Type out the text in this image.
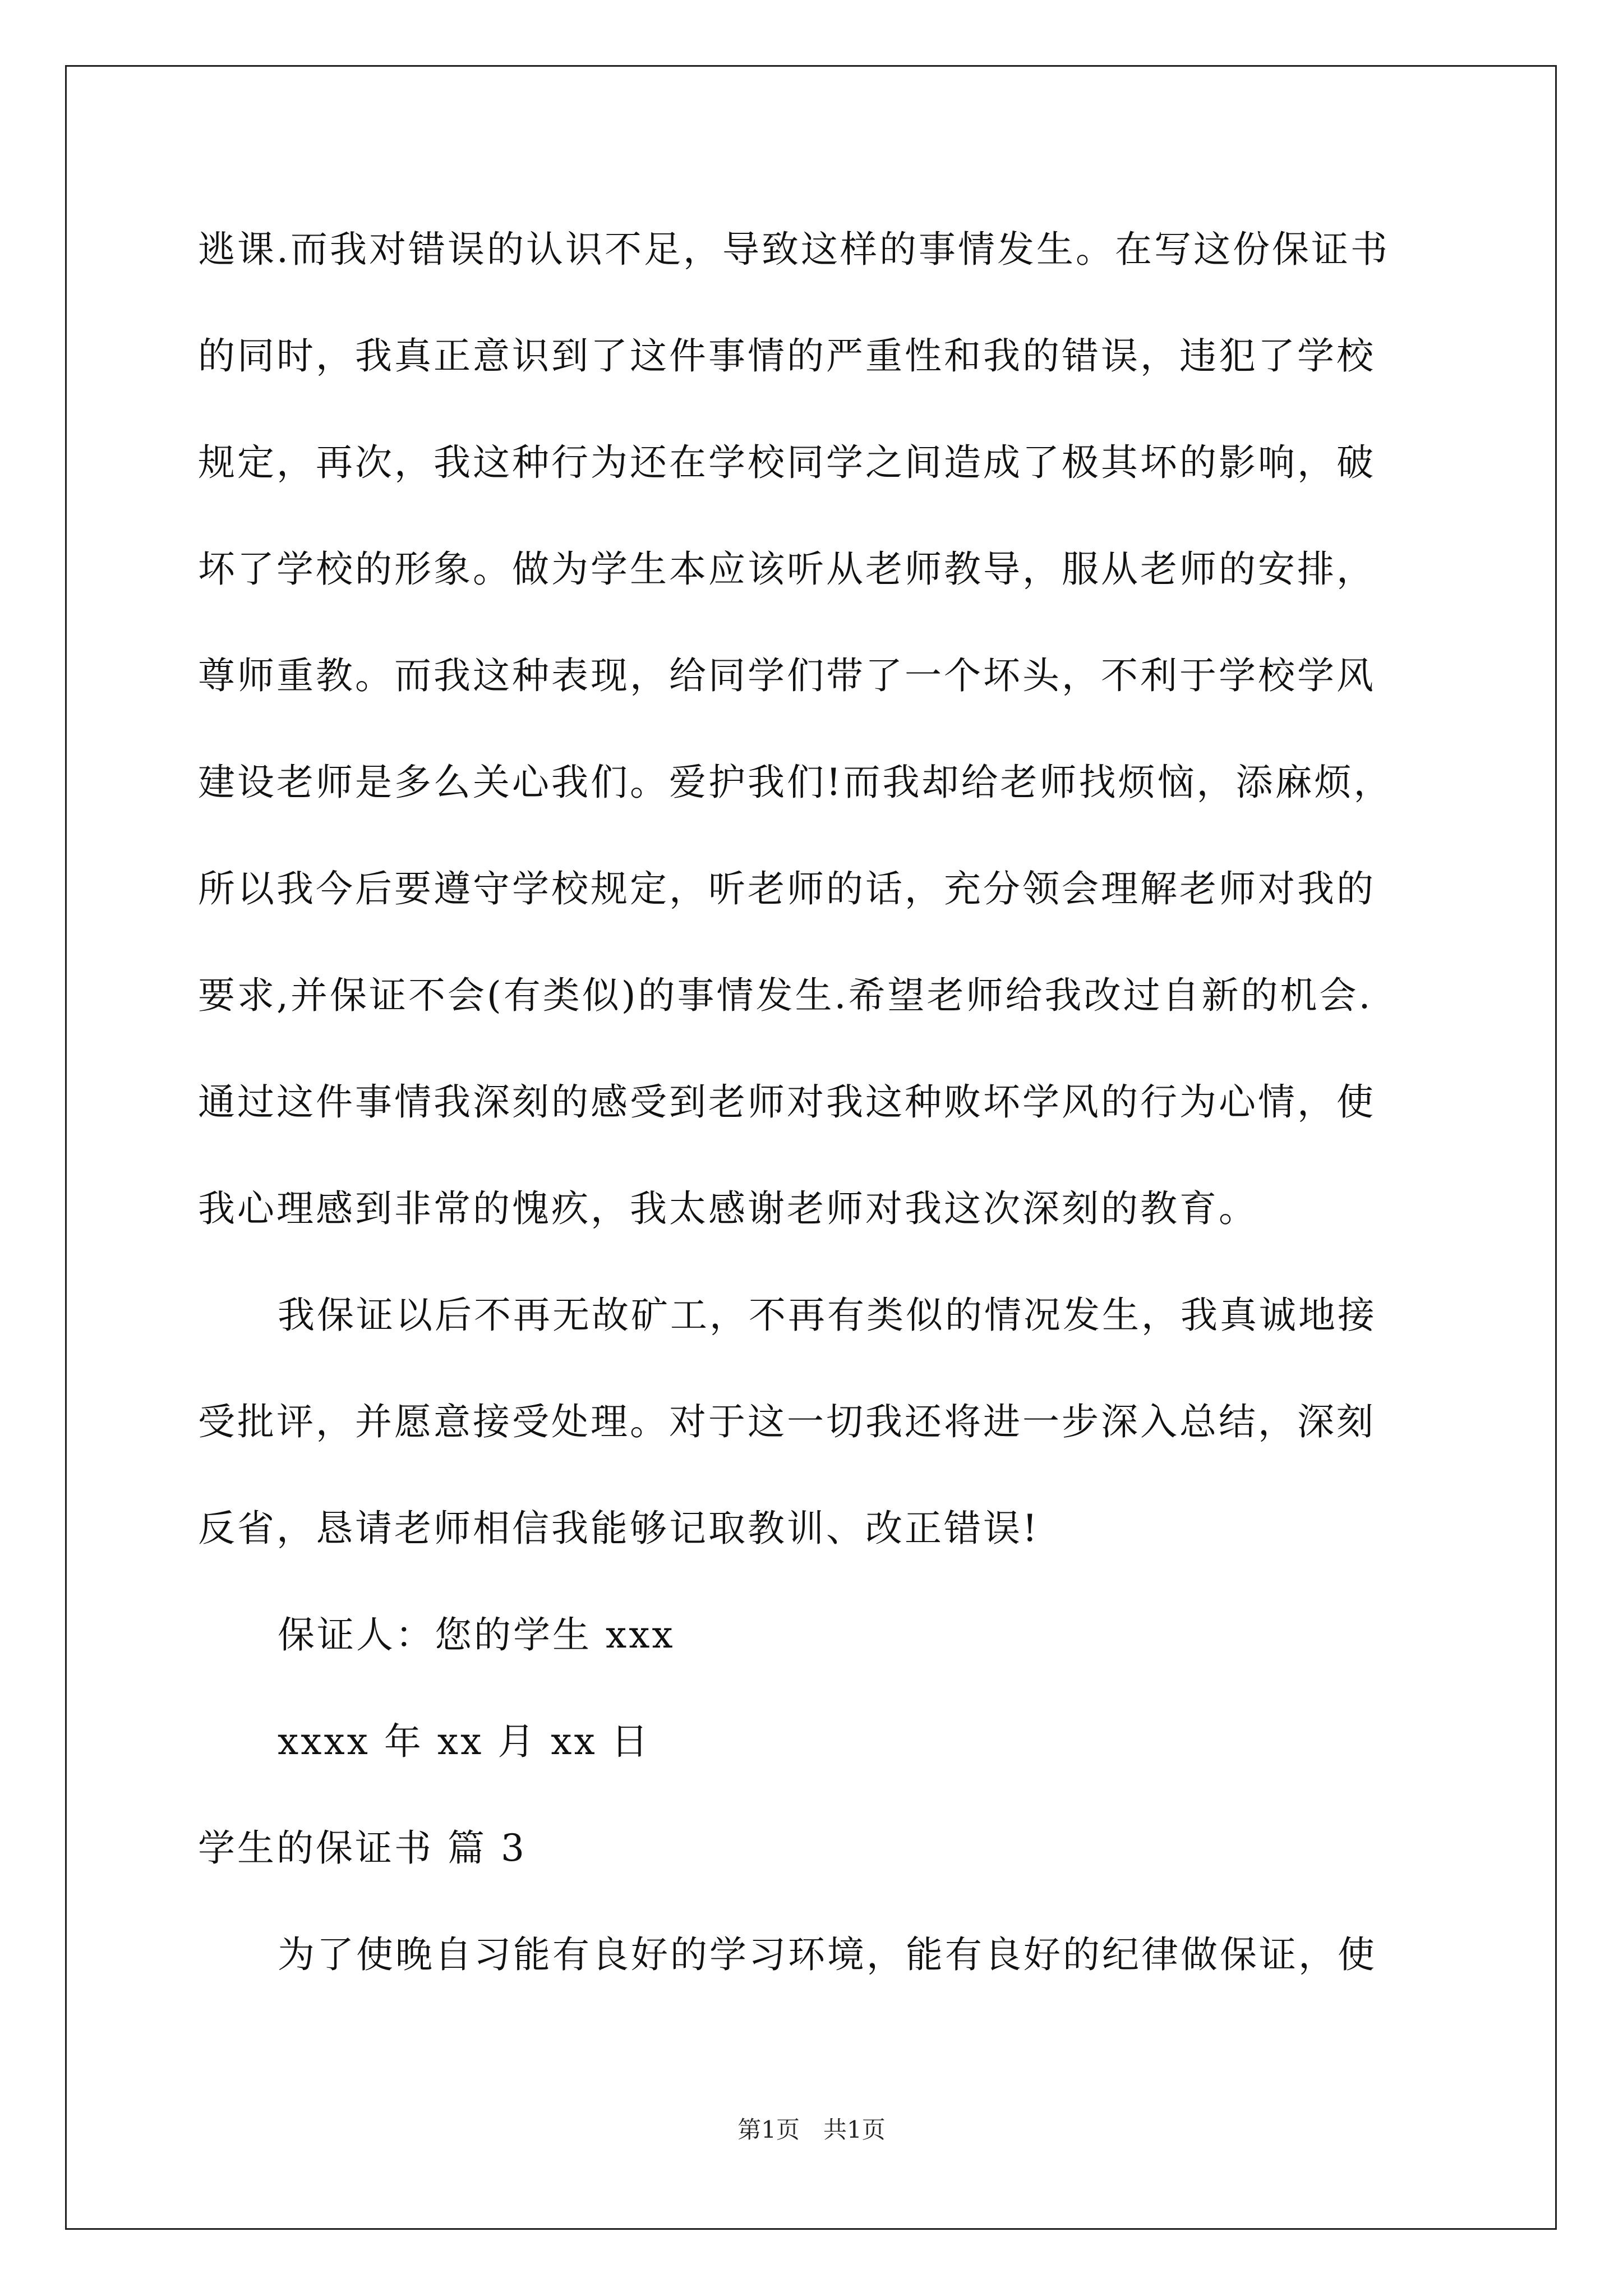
逃课.而我对错误的认识不足，导致这样的事情发生。在写这份保证书
的同时，我真正意识到了这件事情的严重性和我的错误，违犯了学校
规定，再次，我这种行为还在学校同学之间造成了极其坏的影响，破
坏了学校的形象。做为学生本应该听从老师教导，服从老师的安排，
尊师重教。而我这种表现，给同学们带了一个坏头，不利于学校学风
建设老师是多么关心我们。爱护我们!而我却给老师找烦恼，添麻烦，
所以我今后要遵守学校规定，听老师的话，充分领会理解老师对我的
要求,并保证不会(有类似)的事情发生.希望老师给我改过自新的机会.
通过这件事情我深刻的感受到老师对我这种败坏学风的行为心情，使
我心理感到非常的愧疚，我太感谢老师对我这次深刻的教育。
我保证以后不再无故矿工，不再有类似的情况发生，我真诚地接
受批评，并愿意接受处理。对于这一切我还将进一步深入总结，深刻
反省，恳请老师相信我能够记取教训、改正错误!
保证人：您的学生 xxx
xxxx 年 xx 月 xx 日
学生的保证书 篇 3
为了使晚自习能有良好的学习环境，能有良好的纪律做保证，使
第1页　共1页
